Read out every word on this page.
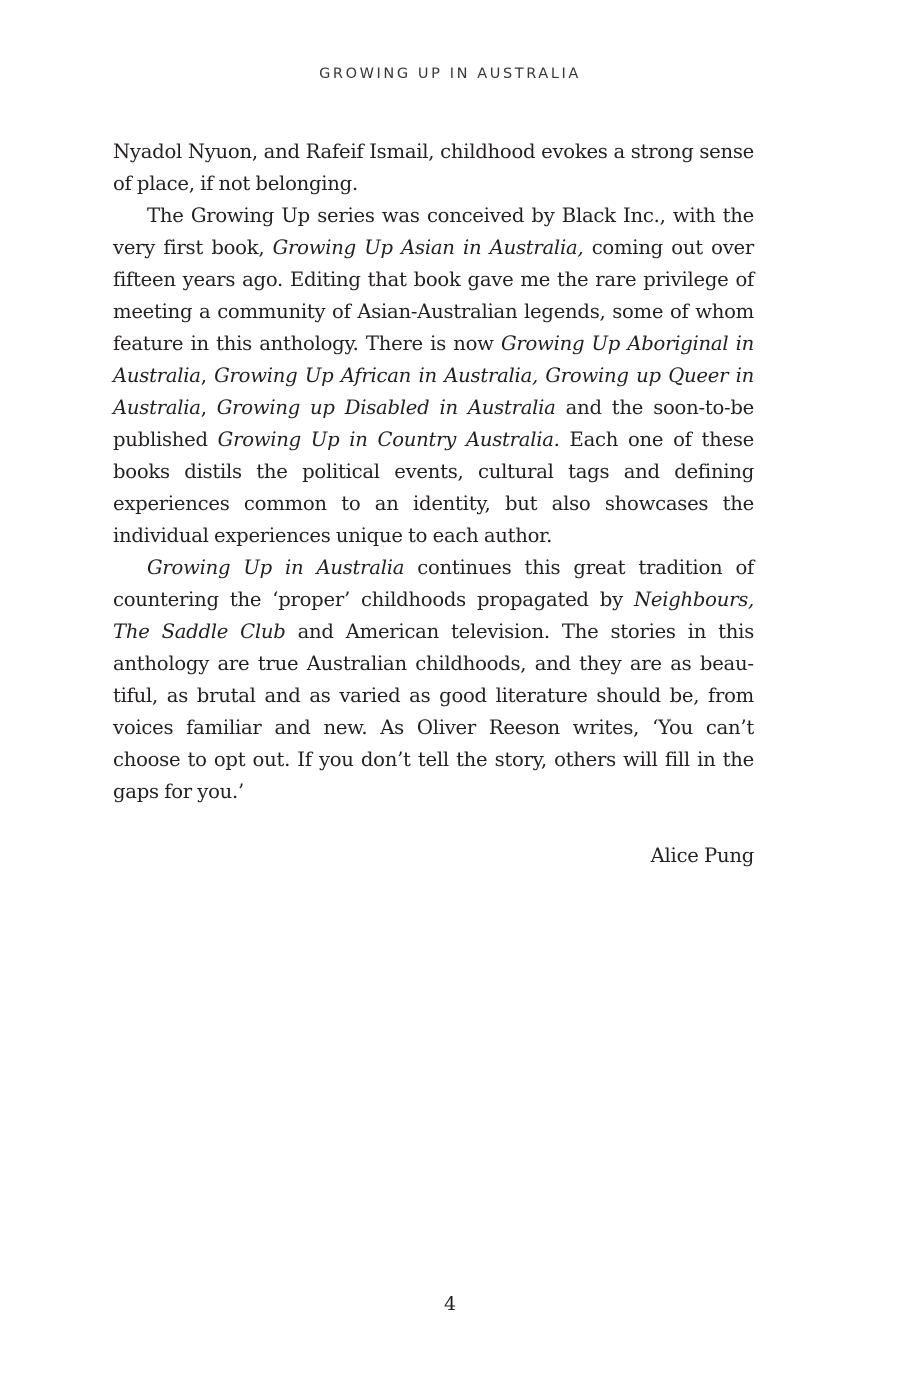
GROWING UP IN AUSTRALIA

Nyadol Nyuon, and Rafeif Ismail, childhood evokes a strong sense of place, if not belonging.

The Growing Up series was conceived by Black Inc., with the very first book, Growing Up Asian in Australia, coming out over fifteen years ago. Editing that book gave me the rare privilege of meeting a community of Asian-Australian legends, some of whom feature in this anthology. There is now Growing Up Aboriginal in Australia, Growing Up African in Australia, Growing up Queer in Australia, Growing up Disabled in Australia and the soon-to-be published Growing Up in Country Australia. Each one of these books distils the political events, cultural tags and defining experiences common to an identity, but also showcases the individual experiences unique to each author.

Growing Up in Australia continues this great tradition of countering the ‘proper’ childhoods propagated by Neighbours, The Saddle Club and American television. The stories in this anthology are true Australian childhoods, and they are as beautiful, as brutal and as varied as good literature should be, from voices familiar and new. As Oliver Reeson writes, ‘You can’t choose to opt out. If you don’t tell the story, others will fill in the gaps for you.’

Alice Pung

4
